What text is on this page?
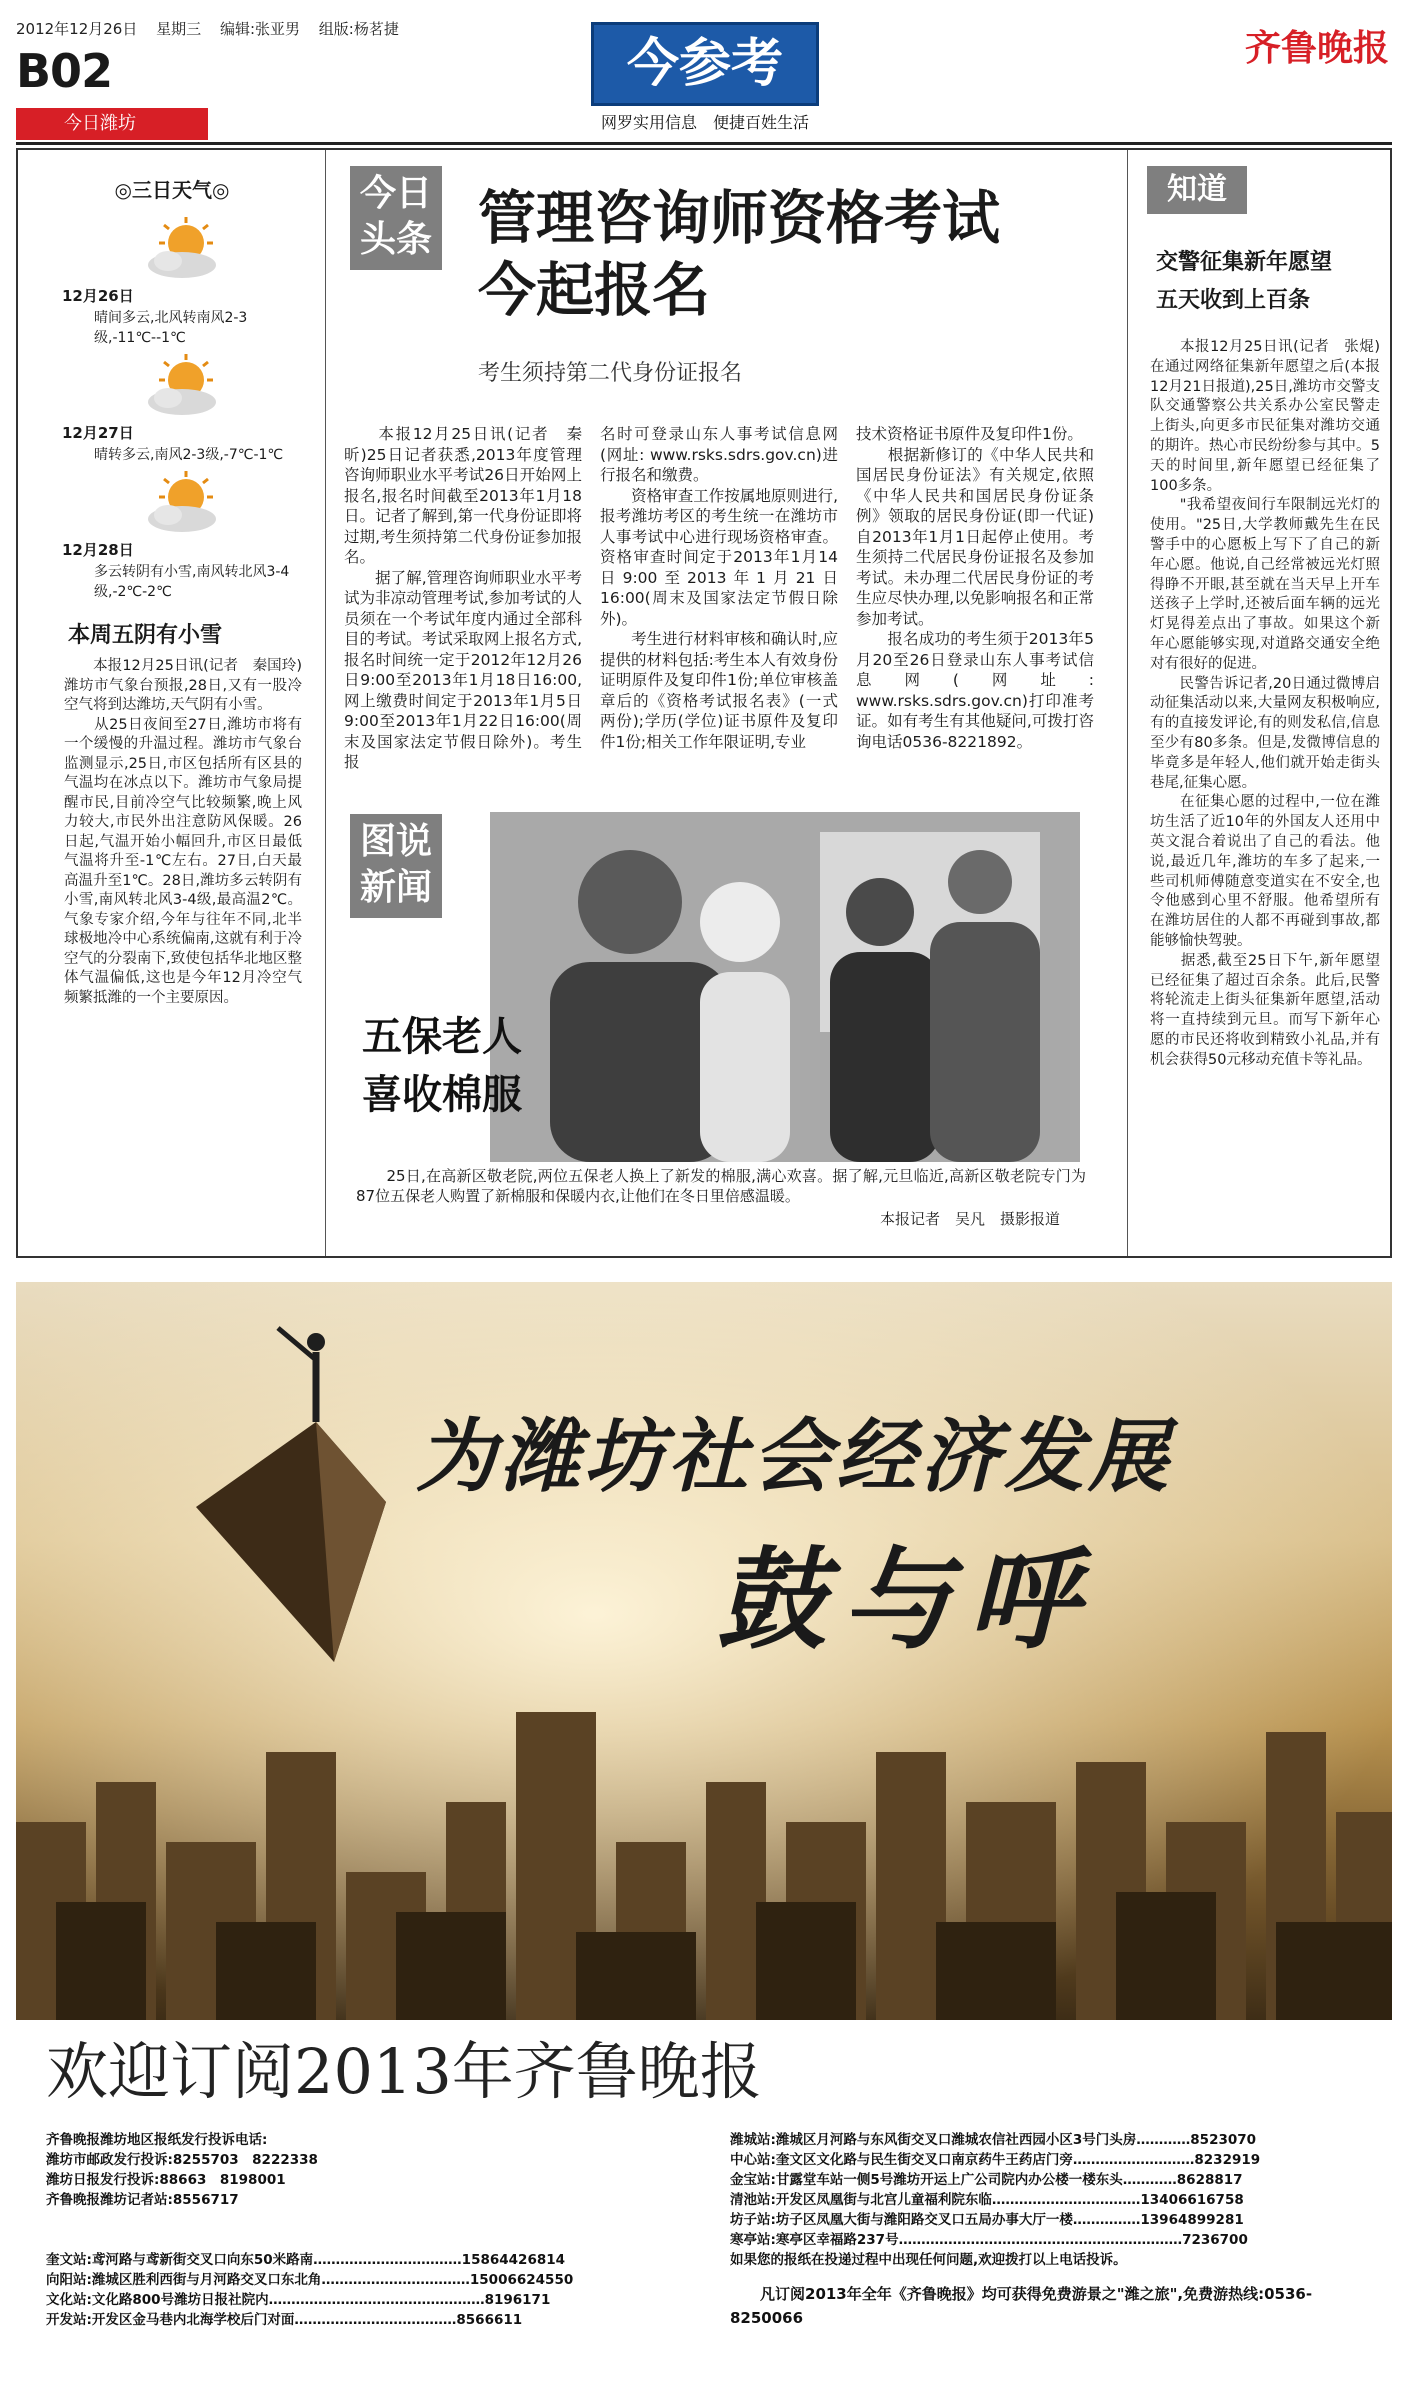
2012年12月26日 星期三 编辑:张亚男 组版:杨茗捷
B02
今日潍坊
今参考
网罗实用信息　便捷百姓生活
齐鲁晚报
◎三日天气◎
12月26日
晴间多云,北风转南风2-3级,-11℃--1℃
12月27日
晴转多云,南风2-3级,-7℃-1℃
12月28日
多云转阴有小雪,南风转北风3-4级,-2℃-2℃
本周五阴有小雪
　　本报12月25日讯(记者　秦国玲)潍坊市气象台预报,28日,又有一股冷空气将到达潍坊,天气阴有小雪。
　　从25日夜间至27日,潍坊市将有一个缓慢的升温过程。潍坊市气象台监测显示,25日,市区包括所有区县的气温均在冰点以下。潍坊市气象局提醒市民,目前冷空气比较频繁,晚上风力较大,市民外出注意防风保暖。26日起,气温开始小幅回升,市区日最低气温将升至-1℃左右。27日,白天最高温升至1℃。28日,潍坊多云转阴有小雪,南风转北风3-4级,最高温2℃。气象专家介绍,今年与往年不同,北半球极地冷中心系统偏南,这就有利于冷空气的分裂南下,致使包括华北地区整体气温偏低,这也是今年12月冷空气频繁抵潍的一个主要原因。
今日
头条 管理咨询师资格考试
今起报名
考生须持第二代身份证报名
　　本报12月25日讯(记者　秦昕)25日记者获悉,2013年度管理咨询师职业水平考试26日开始网上报名,报名时间截至2013年1月18日。记者了解到,第一代身份证即将过期,考生须持第二代身份证参加报名。
　　据了解,管理咨询师职业水平考试为非凉动管理考试,参加考试的人员须在一个考试年度内通过全部科目的考试。考试采取网上报名方式,报名时间统一定于2012年12月26日9:00至2013年1月18日16:00,网上缴费时间定于2013年1月5日9:00至2013年1月22日16:00(周末及国家法定节假日除外)。考生报
名时可登录山东人事考试信息网(网址: www.rsks.sdrs.gov.cn)进行报名和缴费。
　　资格审查工作按属地原则进行,报考潍坊考区的考生统一在潍坊市人事考试中心进行现场资格审查。资格审查时间定于2013年1月14日9:00至2013年1月21日16:00(周末及国家法定节假日除外)。
　　考生进行材料审核和确认时,应提供的材料包括:考生本人有效身份证明原件及复印件1份;单位审核盖章后的《资格考试报名表》(一式两份);学历(学位)证书原件及复印件1份;相关工作年限证明,专业
技术资格证书原件及复印件1份。
　　根据新修订的《中华人民共和国居民身份证法》有关规定,依照《中华人民共和国居民身份证条例》领取的居民身份证(即一代证)自2013年1月1日起停止使用。考生须持二代居民身份证报名及参加考试。未办理二代居民身份证的考生应尽快办理,以免影响报名和正常参加考试。
　　报名成功的考生须于2013年5月20至26日登录山东人事考试信息网(网址: www.rsks.sdrs.gov.cn)打印准考证。如有考生有其他疑问,可拨打咨询电话0536-8221892。
图说
新闻
五保老人
喜收棉服
　　25日,在高新区敬老院,两位五保老人换上了新发的棉服,满心欢喜。据了解,元旦临近,高新区敬老院专门为87位五保老人购置了新棉服和保暖内衣,让他们在冬日里倍感温暖。
本报记者　吴凡　摄影报道
知道
交警征集新年愿望
五天收到上百条
　　本报12月25日讯(记者　张焜)在通过网络征集新年愿望之后(本报12月21日报道),25日,潍坊市交警支队交通警察公共关系办公室民警走上街头,向更多市民征集对潍坊交通的期许。热心市民纷纷参与其中。5天的时间里,新年愿望已经征集了100多条。
　　"我希望夜间行车限制远光灯的使用。"25日,大学教师戴先生在民警手中的心愿板上写下了自己的新年心愿。他说,自己经常被远光灯照得睁不开眼,甚至就在当天早上开车送孩子上学时,还被后面车辆的远光灯晃得差点出了事故。如果这个新年心愿能够实现,对道路交通安全绝对有很好的促进。
　　民警告诉记者,20日通过微博启动征集活动以来,大量网友积极响应,有的直接发评论,有的则发私信,信息至少有80多条。但是,发微博信息的毕竟多是年轻人,他们就开始走街头巷尾,征集心愿。
　　在征集心愿的过程中,一位在潍坊生活了近10年的外国友人还用中英文混合着说出了自己的看法。他说,最近几年,潍坊的车多了起来,一些司机师傅随意变道实在不安全,也令他感到心里不舒服。他希望所有在潍坊居住的人都不再碰到事故,都能够愉快驾驶。
　　据悉,截至25日下午,新年愿望已经征集了超过百余条。此后,民警将轮流走上街头征集新年愿望,活动将一直持续到元旦。而写下新年心愿的市民还将收到精致小礼品,并有机会获得50元移动充值卡等礼品。
为潍坊社会经济发展
鼓与呼
欢迎订阅2013年齐鲁晚报
齐鲁晚报潍坊地区报纸发行投诉电话:
潍坊市邮政发行投诉:8255703　8222338
潍坊日报发行投诉:88663　8198001
齐鲁晚报潍坊记者站:8556717
奎文站:鸢河路与鸢新街交叉口向东50米路南……………………………15864426814
向阳站:潍城区胜利西街与月河路交叉口东北角……………………………15006624550
文化站:文化路800号潍坊日报社院内…………………………………………8196171
开发站:开发区金马巷内北海学校后门对面………………………………8566611
潍城站:潍城区月河路与东风街交叉口潍城农信社西园小区3号门头房…………8523070
中心站:奎文区文化路与民生街交叉口南京药牛王药店门旁………………………8232919
金宝站:甘露堂车站一侧5号潍坊开运上广公司院内办公楼一楼东头…………8628817
清池站:开发区凤凰街与北宫儿童福利院东临……………………………13406616758
坊子站:坊子区凤凰大街与潍阳路交叉口五局办事大厅一楼……………13964899281
寒亭站:寒亭区幸福路237号………………………………………………………7236700
如果您的报纸在投递过程中出现任何问题,欢迎拨打以上电话投诉。
　　凡订阅2013年全年《齐鲁晚报》均可获得免费游景之"潍之旅",免费游热线:0536-8250066
